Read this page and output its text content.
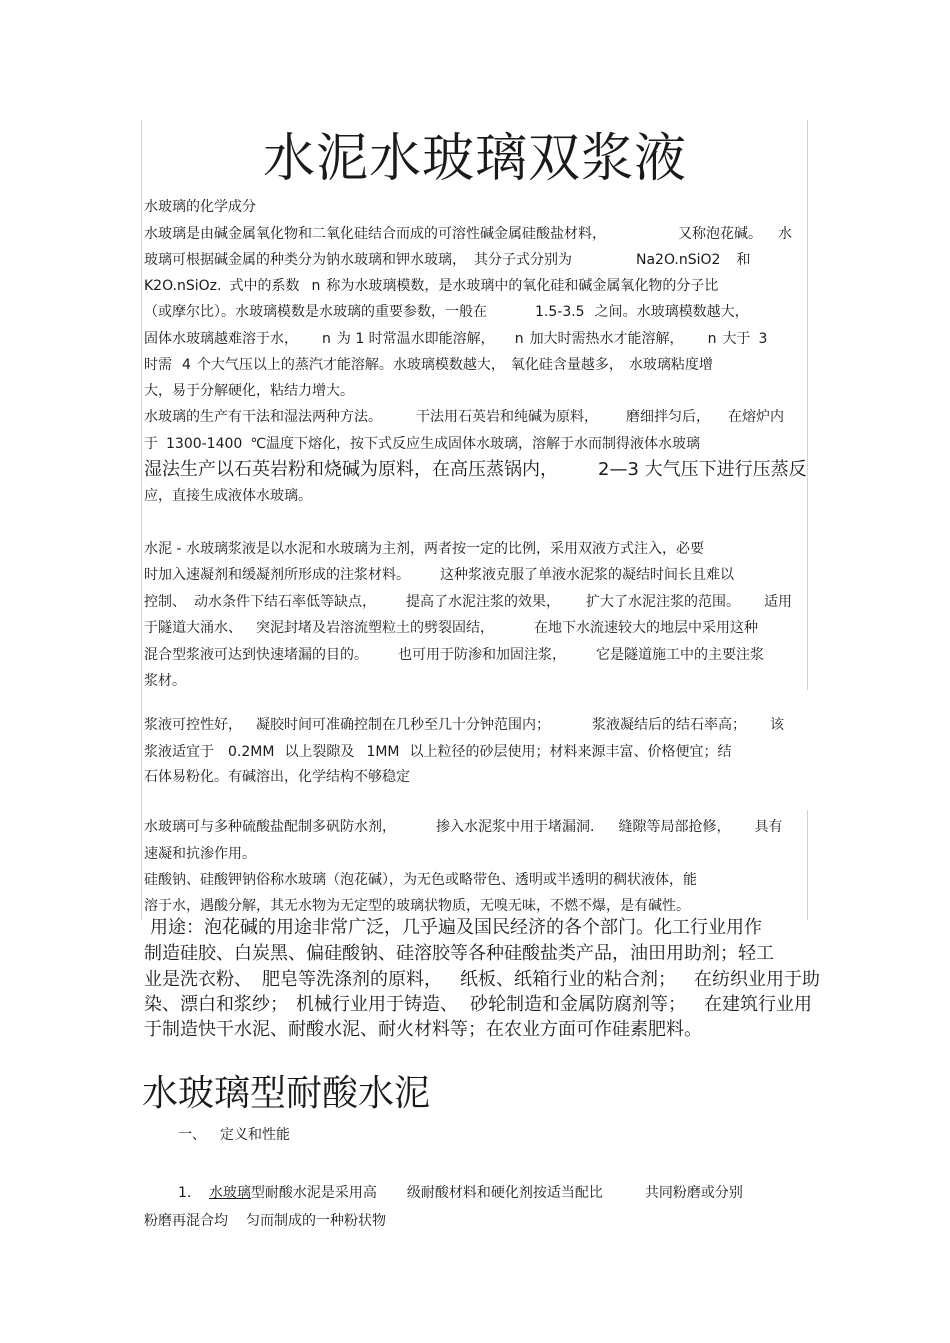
水泥水玻璃双浆液
水玻璃的化学成分
水玻璃是由碱金属氧化物和二氧化硅结合而成的可溶性碱金属硅酸盐材料，	又称泡花碱。 水
玻璃可根据碱金属的种类分为钠水玻璃和钾水玻璃， 其分子式分别为	Na2O.nSiO2 和
K2O.nSiOz. 式中的系数 n 称为水玻璃模数，是水玻璃中的氧化硅和碱金属氧化物的分子比
（或摩尔比）。水玻璃模数是水玻璃的重要参数，一般在	1.5-3.5 之间。水玻璃模数越大，
固体水玻璃越难溶于水， n 为 1 时常温水即能溶解， n 加大时需热水才能溶解， n 大于 3
时需 4 个大气压以上的蒸汽才能溶解。水玻璃模数越大， 氧化硅含量越多， 水玻璃粘度增
大，易于分解硬化，粘结力增大。
水玻璃的生产有干法和湿法两种方法。 干法用石英岩和纯碱为原料， 磨细拌匀后， 在熔炉内
于 1300-1400 ℃温度下熔化，按下式反应生成固体水玻璃，溶解于水而制得液体水玻璃
湿法生产以石英岩粉和烧碱为原料，在高压蒸锅内， 2—3 大气压下进行压蒸反
应，直接生成液体水玻璃。
水泥 - 水玻璃浆液是以水泥和水玻璃为主剂，两者按一定的比例，采用双液方式注入，必要
时加入速凝剂和缓凝剂所形成的注浆材料。 这种浆液克服了单液水泥浆的凝结时间长且难以
控制、 动水条件下结石率低等缺点， 提高了水泥注浆的效果， 扩大了水泥注浆的范围。 适用
于隧道大涌水、 突泥封堵及岩溶流塑粒土的劈裂固结，	在地下水流速较大的地层中采用这种
混合型浆液可达到快速堵漏的目的。 也可用于防渗和加固注浆， 它是隧道施工中的主要注浆
浆材。
浆液可控性好， 凝胶时间可准确控制在几秒至几十分钟范围内；	浆液凝结后的结石率高； 该
浆液适宜于 0.2MM 以上裂隙及 1MM 以上粒径的砂层使用；材料来源丰富、价格便宜；结
石体易粉化。有碱溶出，化学结构不够稳定
水玻璃可与多种硫酸盐配制多矾防水剂，	掺入水泥浆中用于堵漏洞. 缝隙等局部抢修， 具有
速凝和抗渗作用。
硅酸钠、硅酸钾钠俗称水玻璃（泡花碱），为无色或略带色、透明或半透明的稠状液体，能
溶于水，遇酸分解，其无水物为无定型的玻璃状物质，无嗅无味，不燃不爆，是有碱性。
用途：泡花碱的用途非常广泛，几乎遍及国民经济的各个部门。化工行业用作
制造硅胶、白炭黑、偏硅酸钠、硅溶胶等各种硅酸盐类产品，油田用助剂；轻工
业是洗衣粉、 肥皂等洗涤剂的原料， 纸板、纸箱行业的粘合剂； 在纺织业用于助
染、漂白和浆纱； 机械行业用于铸造、 砂轮制造和金属防腐剂等； 在建筑行业用
于制造快干水泥、耐酸水泥、耐火材料等；在农业方面可作硅素肥料。
水玻璃型耐酸水泥
一、 定义和性能
1． 水玻璃型耐酸水泥是采用高 级耐酸材料和硬化剂按适当配比	共同粉磨或分别
粉磨再混合均 匀而制成的一种粉状物
